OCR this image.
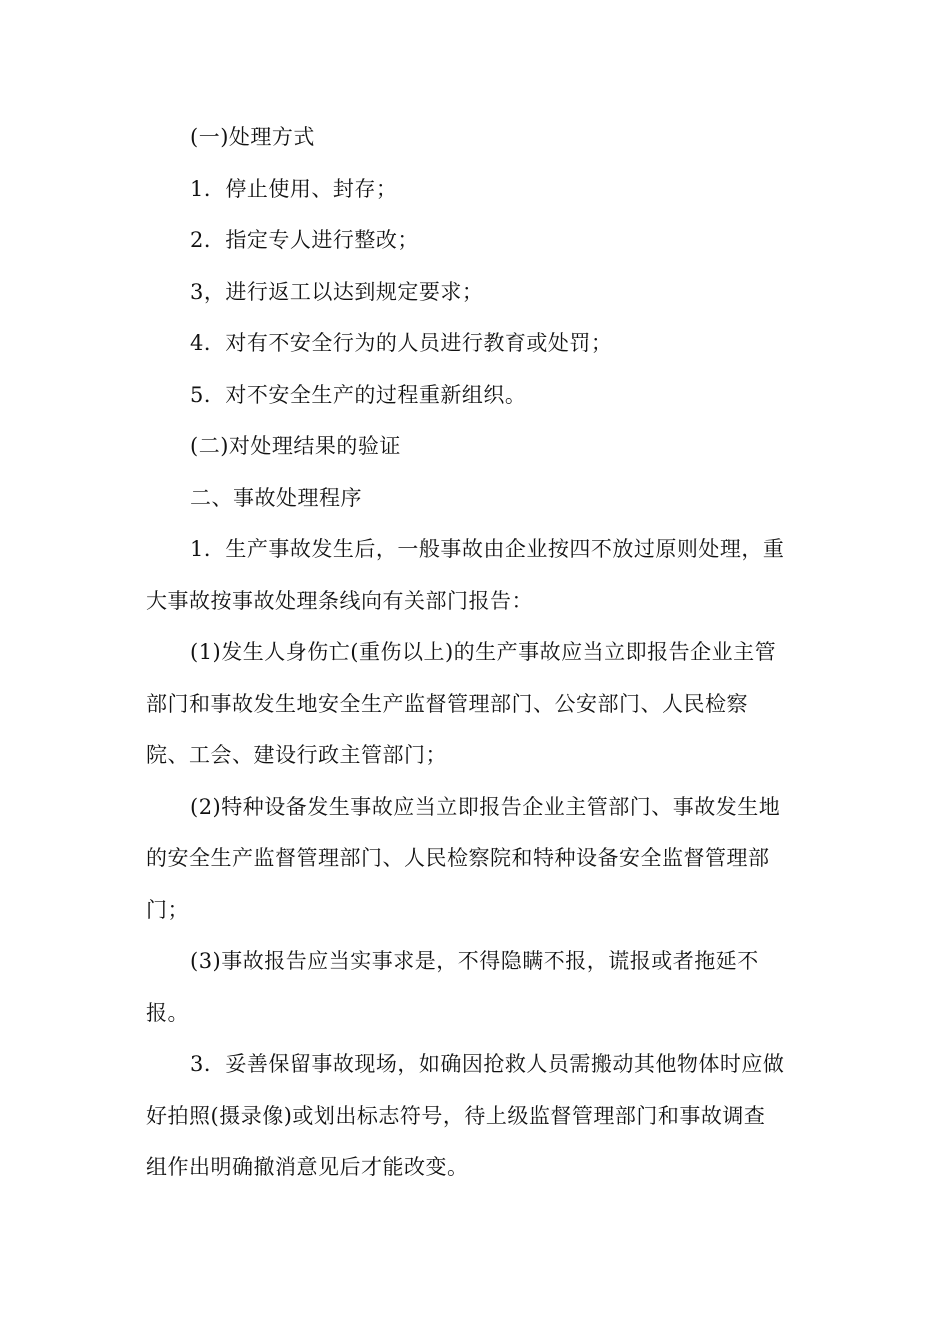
(一)处理方式

1．停止使用、封存；

2．指定专人进行整改；

3，进行返工以达到规定要求；

4．对有不安全行为的人员进行教育或处罚；

5．对不安全生产的过程重新组织。

(二)对处理结果的验证

二、事故处理程序

1．生产事故发生后，一般事故由企业按四不放过原则处理，重
大事故按事故处理条线向有关部门报告：

(1)发生人身伤亡(重伤以上)的生产事故应当立即报告企业主管
部门和事故发生地安全生产监督管理部门、公安部门、人民检察
院、工会、建设行政主管部门；

(2)特种设备发生事故应当立即报告企业主管部门、事故发生地
的安全生产监督管理部门、人民检察院和特种设备安全监督管理部
门；

(3)事故报告应当实事求是，不得隐瞒不报，谎报或者拖延不
报。

3．妥善保留事故现场，如确因抢救人员需搬动其他物体时应做
好拍照(摄录像)或划出标志符号，待上级监督管理部门和事故调查
组作出明确撤消意见后才能改变。
